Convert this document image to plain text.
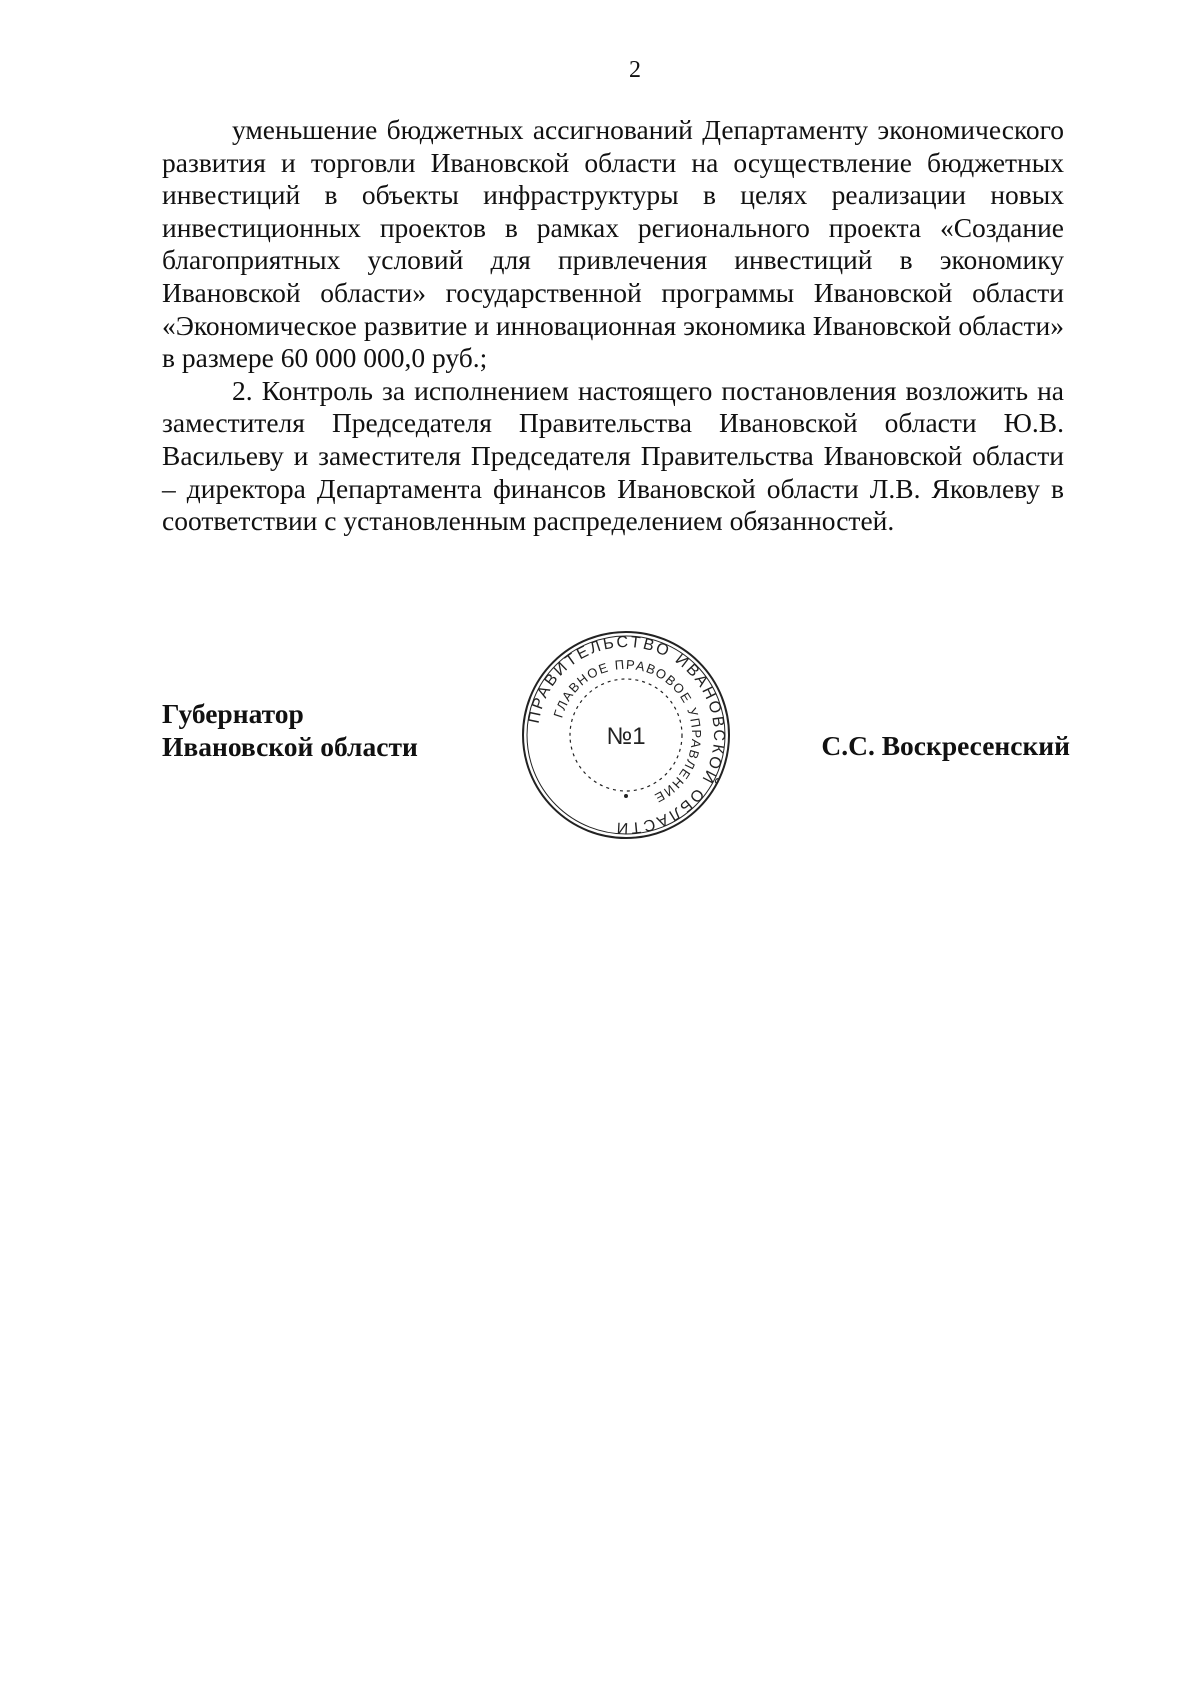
2

уменьшение бюджетных ассигнований Департаменту экономического развития и торговли Ивановской области на осуществление бюджетных инвестиций в объекты инфраструктуры в целях реализации новых инвестиционных проектов в рамках регионального проекта «Создание благоприятных условий для привлечения инвестиций в экономику Ивановской области» государственной программы Ивановской области «Экономическое развитие и инновационная экономика Ивановской области» в размере 60 000 000,0 руб.;

2. Контроль за исполнением настоящего постановления возложить на заместителя Председателя Правительства Ивановской области Ю.В. Васильеву и заместителя Председателя Правительства Ивановской области – директора Департамента финансов Ивановской области Л.В. Яковлеву в соответствии с установленным распределением обязанностей.

Губернатор
Ивановской области
ПРАВИТЕЛЬСТВО ИВАНОВСКОЙ ОБЛАСТИ
ГЛАВНОЕ ПРАВОВОЕ УПРАВЛЕНИЕ
№1	С.С. Воскресенский
